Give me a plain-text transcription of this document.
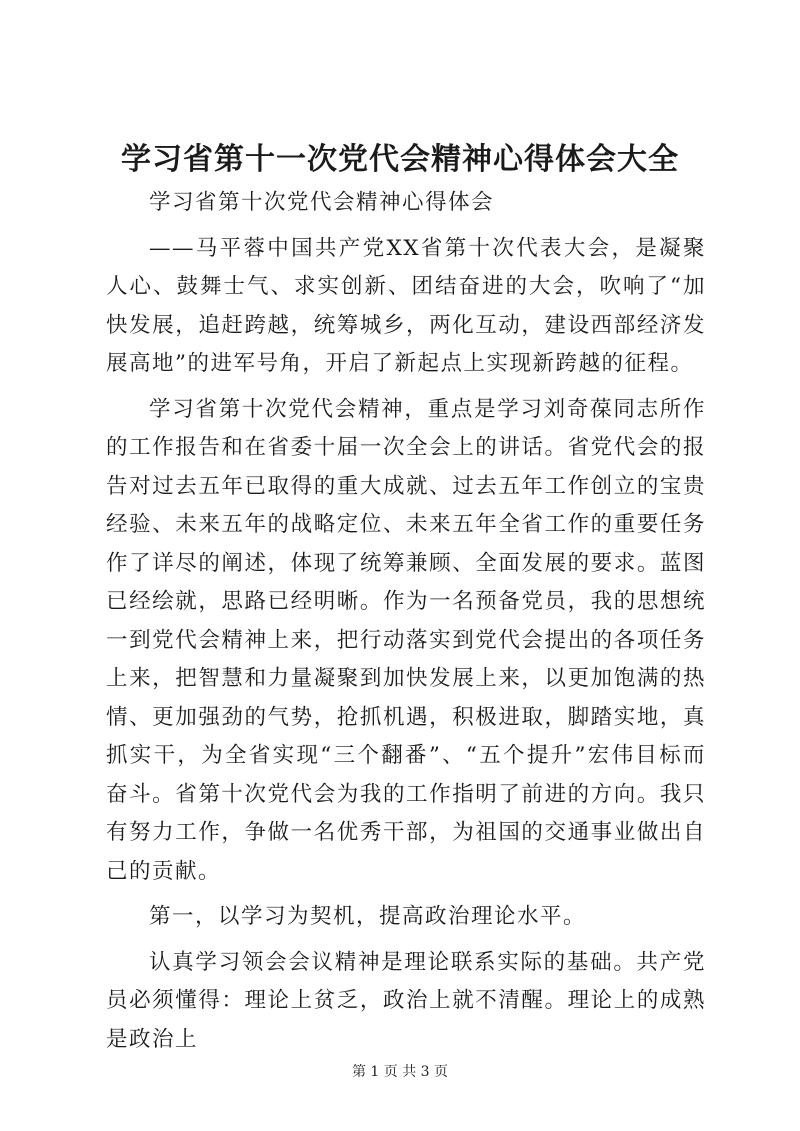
学习省第十一次党代会精神心得体会大全

学习省第十次党代会精神心得体会

——马平蓉中国共产党XX省第十次代表大会，是凝聚人心、鼓舞士气、求实创新、团结奋进的大会，吹响了“加快发展，追赶跨越，统筹城乡，两化互动，建设西部经济发展高地”的进军号角，开启了新起点上实现新跨越的征程。

学习省第十次党代会精神，重点是学习刘奇葆同志所作的工作报告和在省委十届一次全会上的讲话。省党代会的报告对过去五年已取得的重大成就、过去五年工作创立的宝贵经验、未来五年的战略定位、未来五年全省工作的重要任务作了详尽的阐述，体现了统筹兼顾、全面发展的要求。蓝图已经绘就，思路已经明晰。作为一名预备党员，我的思想统一到党代会精神上来，把行动落实到党代会提出的各项任务上来，把智慧和力量凝聚到加快发展上来，以更加饱满的热情、更加强劲的气势，抢抓机遇，积极进取，脚踏实地，真抓实干，为全省实现“三个翻番”、“五个提升”宏伟目标而奋斗。省第十次党代会为我的工作指明了前进的方向。我只有努力工作，争做一名优秀干部，为祖国的交通事业做出自己的贡献。

第一，以学习为契机，提高政治理论水平。

认真学习领会会议精神是理论联系实际的基础。共产党员必须懂得：理论上贫乏，政治上就不清醒。理论上的成熟是政治上

第 1 页 共 3 页
